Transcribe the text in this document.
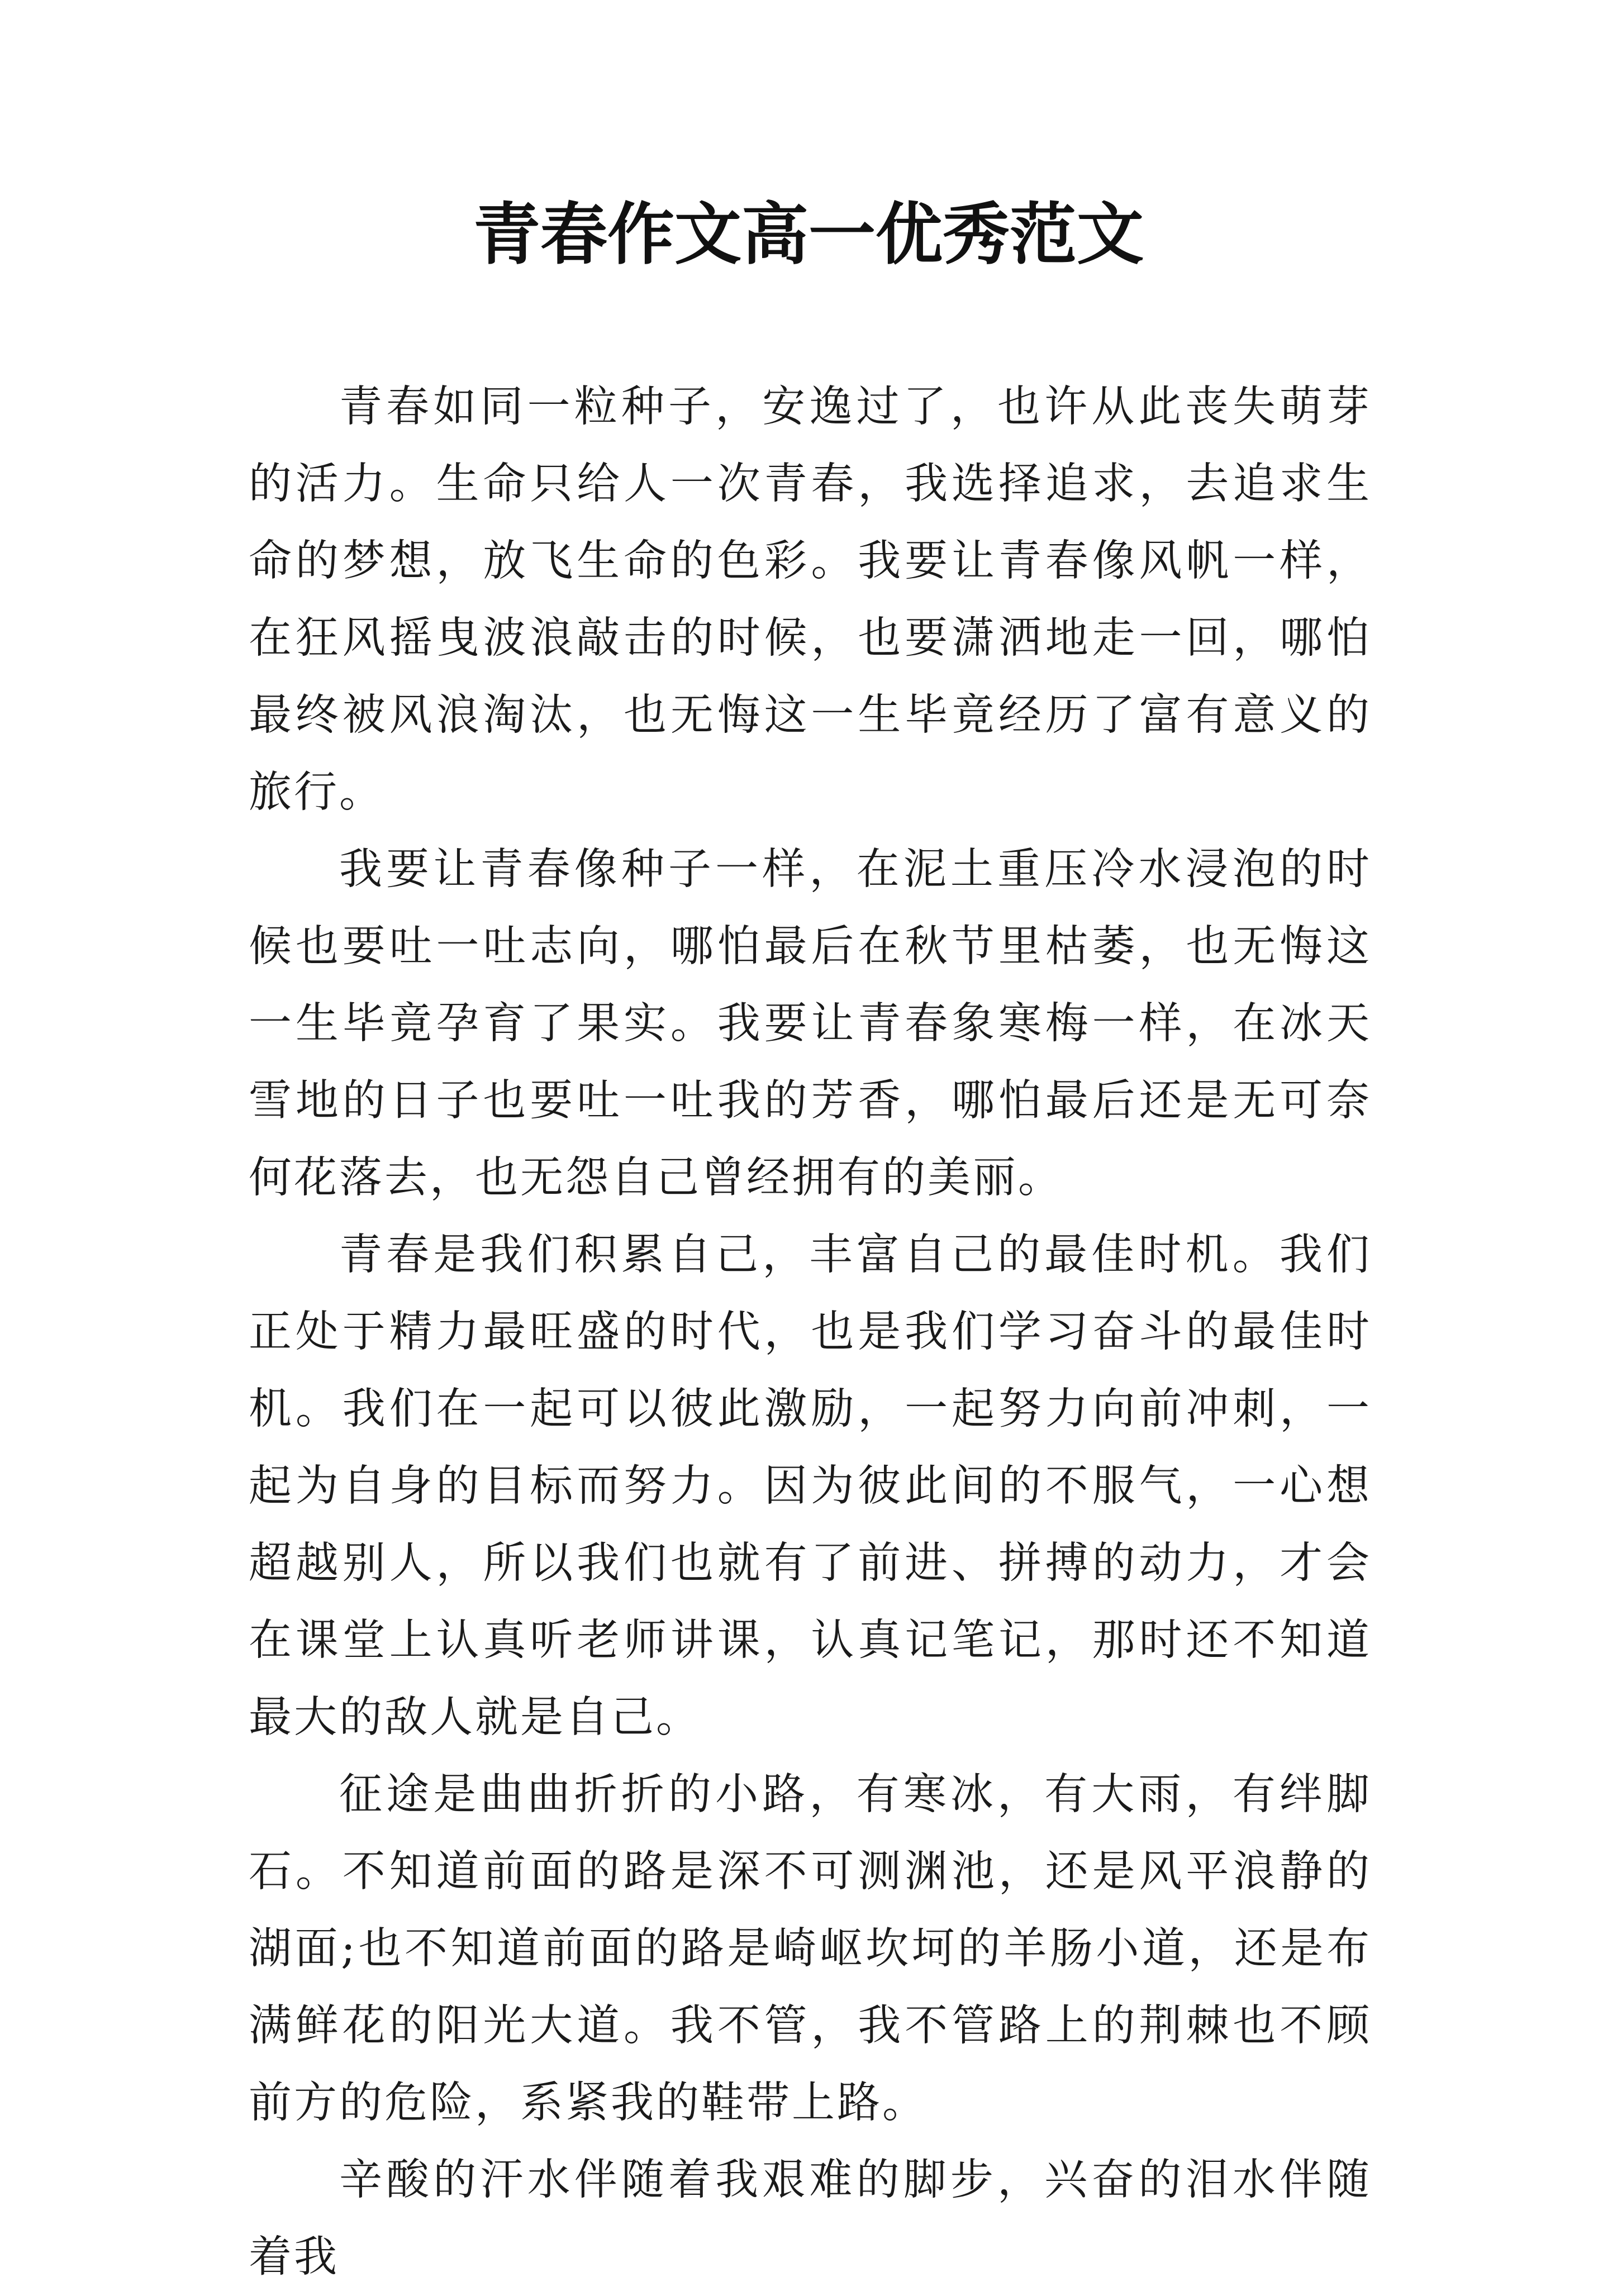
青春作文高一优秀范文

青春如同一粒种子，安逸过了，也许从此丧失萌芽的活力。生命只给人一次青春，我选择追求，去追求生命的梦想，放飞生命的色彩。我要让青春像风帆一样，在狂风摇曳波浪敲击的时候，也要潇洒地走一回，哪怕最终被风浪淘汰，也无悔这一生毕竟经历了富有意义的旅行。

我要让青春像种子一样，在泥土重压冷水浸泡的时候也要吐一吐志向，哪怕最后在秋节里枯萎，也无悔这一生毕竟孕育了果实。我要让青春象寒梅一样，在冰天雪地的日子也要吐一吐我的芳香，哪怕最后还是无可奈何花落去，也无怨自己曾经拥有的美丽。

青春是我们积累自己，丰富自己的最佳时机。我们正处于精力最旺盛的时代，也是我们学习奋斗的最佳时机。我们在一起可以彼此激励，一起努力向前冲刺，一起为自身的目标而努力。因为彼此间的不服气，一心想超越别人，所以我们也就有了前进、拼搏的动力，才会在课堂上认真听老师讲课，认真记笔记，那时还不知道最大的敌人就是自己。

征途是曲曲折折的小路，有寒冰，有大雨，有绊脚石。不知道前面的路是深不可测渊池，还是风平浪静的湖面;也不知道前面的路是崎岖坎坷的羊肠小道，还是布满鲜花的阳光大道。我不管，我不管路上的荆棘也不顾前方的危险，系紧我的鞋带上路。

辛酸的汗水伴随着我艰难的脚步，兴奋的泪水伴随着我
